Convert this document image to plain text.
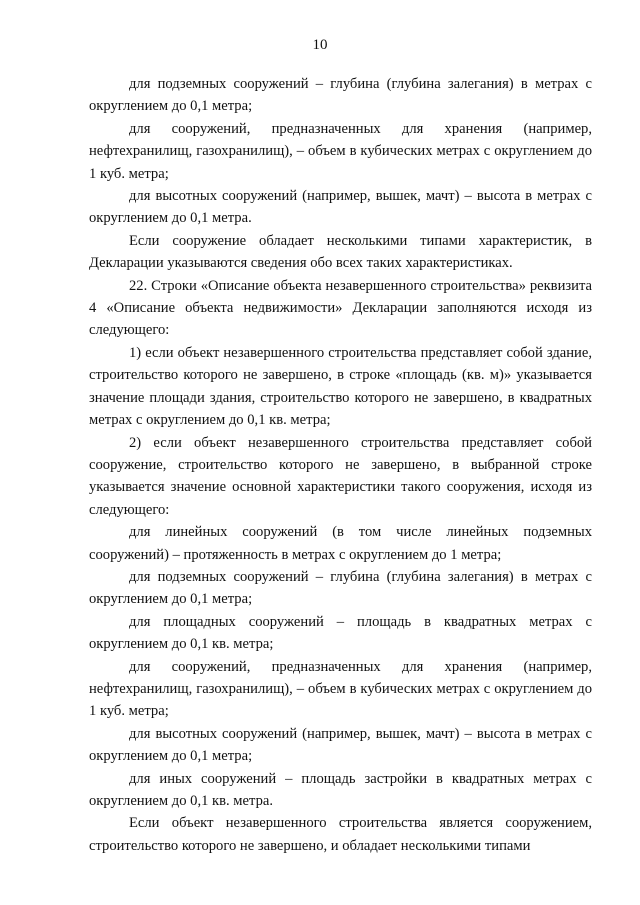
10

для подземных сооружений – глубина (глубина залегания) в метрах с округлением до 0,1 метра;

для сооружений, предназначенных для хранения (например, нефтехранилищ, газохранилищ), – объем в кубических метрах с округлением до 1 куб. метра;

для высотных сооружений (например, вышек, мачт) – высота в метрах с округлением до 0,1 метра.

Если сооружение обладает несколькими типами характеристик, в Декларации указываются сведения обо всех таких характеристиках.

22. Строки «Описание объекта незавершенного строительства» реквизита 4 «Описание объекта недвижимости» Декларации заполняются исходя из следующего:

1) если объект незавершенного строительства представляет собой здание, строительство которого не завершено, в строке «площадь (кв. м)» указывается значение площади здания, строительство которого не завершено, в квадратных метрах с округлением до 0,1 кв. метра;

2) если объект незавершенного строительства представляет собой сооружение, строительство которого не завершено, в выбранной строке указывается значение основной характеристики такого сооружения, исходя из следующего:

для линейных сооружений (в том числе линейных подземных сооружений) – протяженность в метрах с округлением до 1 метра;

для подземных сооружений – глубина (глубина залегания) в метрах с округлением до 0,1 метра;

для площадных сооружений – площадь в квадратных метрах с округлением до 0,1 кв. метра;

для сооружений, предназначенных для хранения (например, нефтехранилищ, газохранилищ), – объем в кубических метрах с округлением до 1 куб. метра;

для высотных сооружений (например, вышек, мачт) – высота в метрах с округлением до 0,1 метра;

для иных сооружений – площадь застройки в квадратных метрах с округлением до 0,1 кв. метра.

Если объект незавершенного строительства является сооружением, строительство которого не завершено, и обладает несколькими типами
